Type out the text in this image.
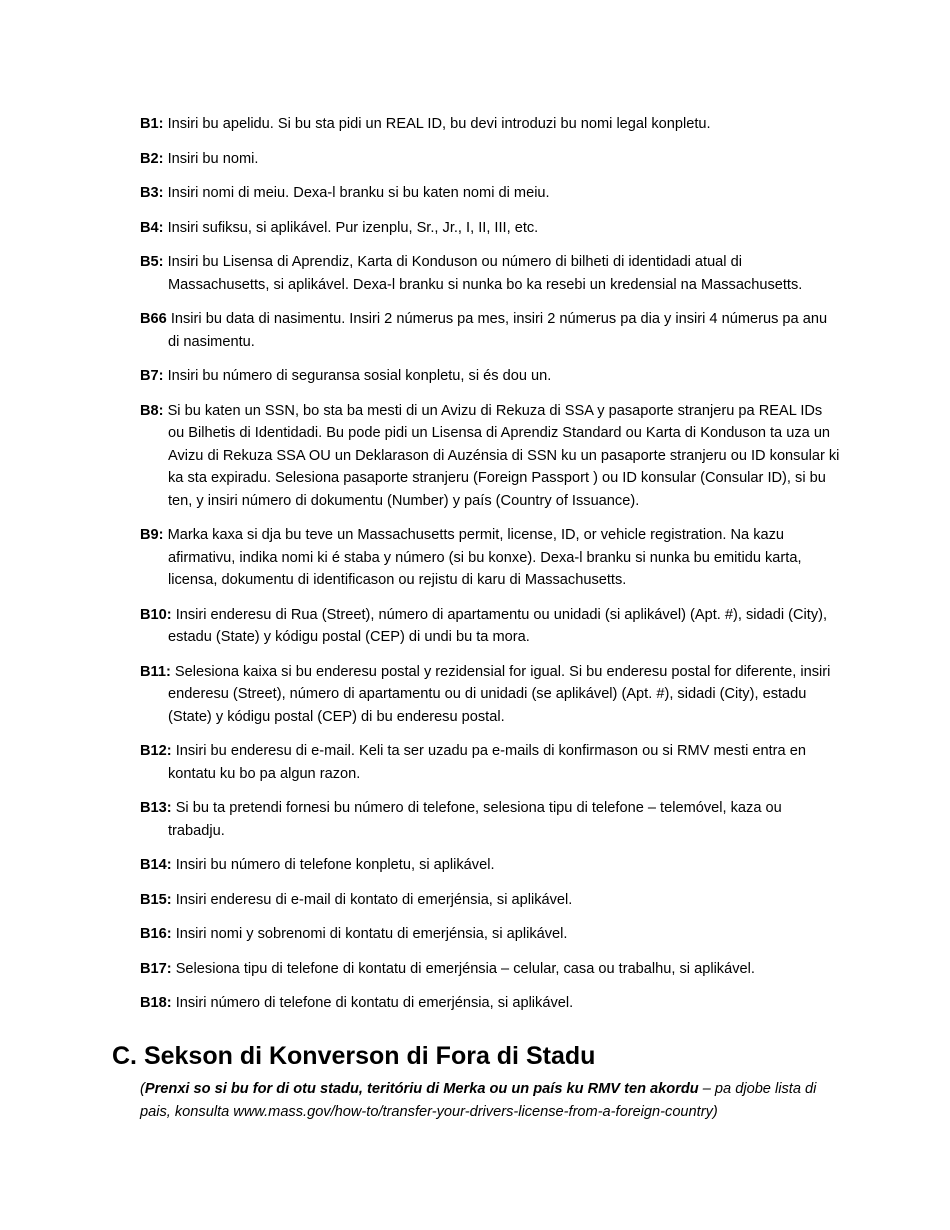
B1: Insiri bu apelidu. Si bu sta pidi un REAL ID, bu devi introduzi bu nomi legal konpletu.

B2: Insiri bu nomi.

B3: Insiri nomi di meiu. Dexa-l branku si bu katen nomi di meiu.

B4: Insiri sufiksu, si aplikável. Pur izenplu, Sr., Jr., I, II, III, etc.

B5: Insiri bu Lisensa di Aprendiz, Karta di Konduson ou número di bilheti di identidadi atual di Massachusetts, si aplikável. Dexa-l branku si nunka bo ka resebi un kredensial na Massachusetts.

B66 Insiri bu data di nasimentu. Insiri 2 númerus pa mes, insiri 2 númerus pa dia y insiri 4 númerus pa anu di nasimentu.

B7: Insiri bu número di seguransa sosial konpletu, si és dou un.

B8: Si bu katen un SSN, bo sta ba mesti di un Avizu di Rekuza di SSA y pasaporte stranjeru pa REAL IDs ou Bilhetis di Identidadi. Bu pode pidi un Lisensa di Aprendiz Standard ou Karta di Konduson ta uza un Avizu di Rekuza SSA OU un Deklarason di Auzénsia di SSN ku un pasaporte stranjeru ou ID konsular ki ka sta expiradu. Selesiona pasaporte stranjeru (Foreign Passport ) ou ID konsular (Consular ID), si bu ten, y insiri número di dokumentu (Number) y país (Country of Issuance).

B9: Marka kaxa si dja bu teve un Massachusetts permit, license, ID, or vehicle registration. Na kazu afirmativu, indika nomi ki é staba y número (si bu konxe). Dexa-l branku si nunka bu emitidu karta, licensa, dokumentu di identificason ou rejistu di karu di Massachusetts.

B10: Insiri enderesu di Rua (Street), número di apartamentu ou unidadi (si aplikável) (Apt. #), sidadi (City), estadu (State) y kódigu postal (CEP) di undi bu ta mora.

B11: Selesiona kaixa si bu enderesu postal y rezidensial for igual. Si bu enderesu postal for diferente, insiri enderesu (Street), número di apartamentu ou di unidadi (se aplikável) (Apt. #), sidadi (City), estadu (State) y kódigu postal (CEP) di bu enderesu postal.

B12: Insiri bu enderesu di e-mail. Keli ta ser uzadu pa e-mails di konfirmason ou si RMV mesti entra en kontatu ku bo pa algun razon.

B13: Si bu ta pretendi fornesi bu número di telefone, selesiona tipu di telefone – telemóvel, kaza ou trabadju.

B14: Insiri bu número di telefone konpletu, si aplikável.

B15: Insiri enderesu di e-mail di kontato di emerjénsia, si aplikável.

B16: Insiri nomi y sobrenomi di kontatu di emerjénsia, si aplikável.

B17: Selesiona tipu di telefone di kontatu di emerjénsia – celular, casa ou trabalhu, si aplikável.

B18: Insiri número di telefone di kontatu di emerjénsia, si aplikável.

C. Sekson di Konverson di Fora di Stadu

(Prenxi so si bu for di otu stadu, teritóriu di Merka ou un país ku RMV ten akordu – pa djobe lista di pais, konsulta www.mass.gov/how-to/transfer-your-drivers-license-from-a-foreign-country)
